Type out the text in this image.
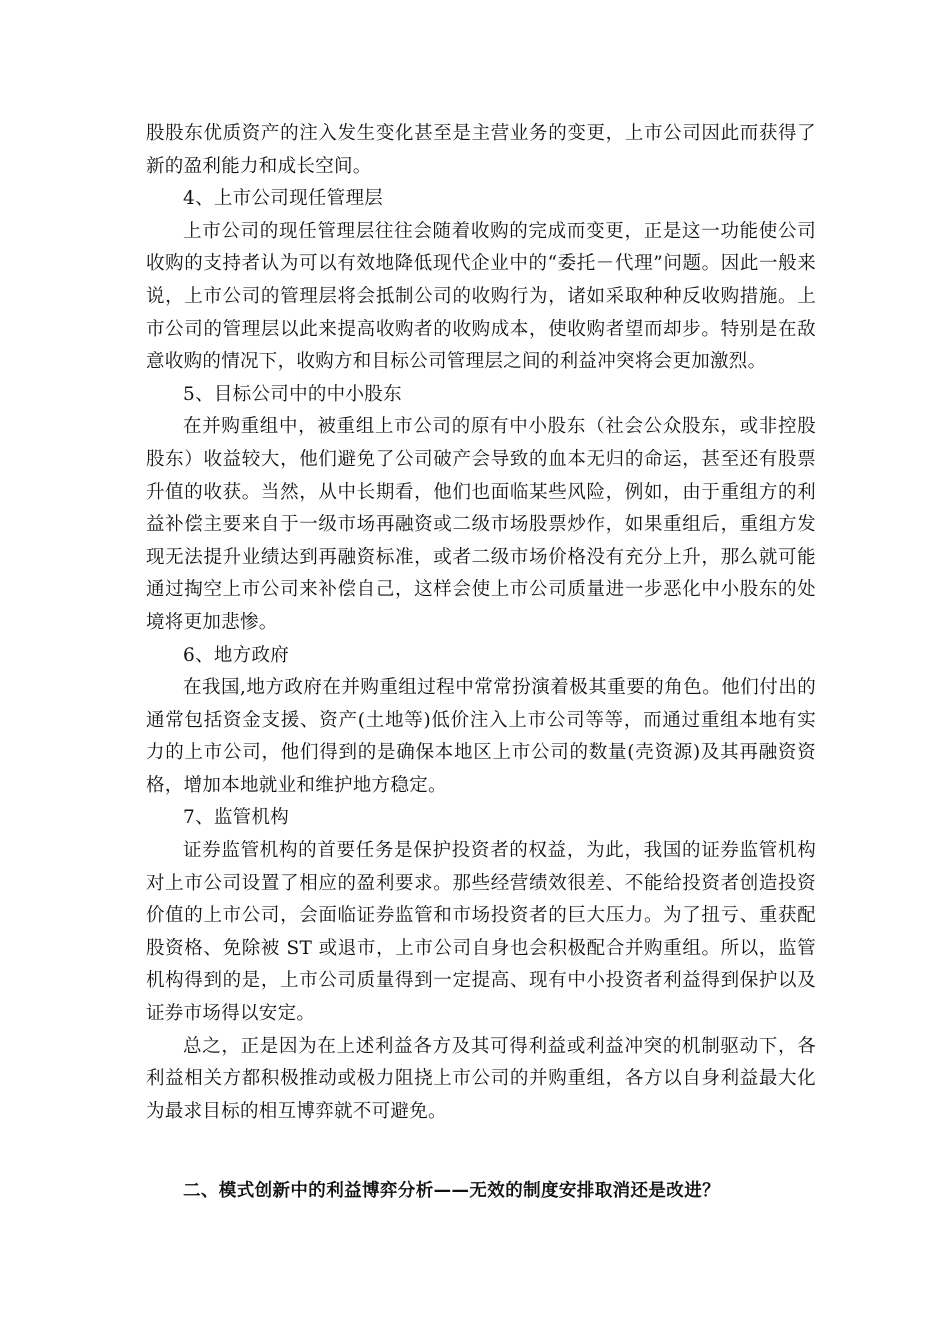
股股东优质资产的注入发生变化甚至是主营业务的变更，上市公司因此而获得了新的盈利能力和成长空间。

4、上市公司现任管理层

上市公司的现任管理层往往会随着收购的完成而变更，正是这一功能使公司收购的支持者认为可以有效地降低现代企业中的“委托－代理”问题。因此一般来说，上市公司的管理层将会抵制公司的收购行为，诸如采取种种反收购措施。上市公司的管理层以此来提高收购者的收购成本，使收购者望而却步。特别是在敌意收购的情况下，收购方和目标公司管理层之间的利益冲突将会更加激烈。

5、目标公司中的中小股东

在并购重组中，被重组上市公司的原有中小股东（社会公众股东，或非控股股东）收益较大，他们避免了公司破产会导致的血本无归的命运，甚至还有股票升值的收获。当然，从中长期看，他们也面临某些风险，例如，由于重组方的利益补偿主要来自于一级市场再融资或二级市场股票炒作，如果重组后，重组方发现无法提升业绩达到再融资标准，或者二级市场价格没有充分上升，那么就可能通过掏空上市公司来补偿自己，这样会使上市公司质量进一步恶化中小股东的处境将更加悲惨。

6、地方政府

在我国,地方政府在并购重组过程中常常扮演着极其重要的角色。他们付出的通常包括资金支援、资产(土地等)低价注入上市公司等等，而通过重组本地有实力的上市公司，他们得到的是确保本地区上市公司的数量(壳资源)及其再融资资格，增加本地就业和维护地方稳定。

7、监管机构

证券监管机构的首要任务是保护投资者的权益，为此，我国的证券监管机构对上市公司设置了相应的盈利要求。那些经营绩效很差、不能给投资者创造投资价值的上市公司，会面临证券监管和市场投资者的巨大压力。为了扭亏、重获配股资格、免除被 ST 或退市，上市公司自身也会积极配合并购重组。所以，监管机构得到的是，上市公司质量得到一定提高、现有中小投资者利益得到保护以及证券市场得以安定。

总之，正是因为在上述利益各方及其可得利益或利益冲突的机制驱动下，各利益相关方都积极推动或极力阻挠上市公司的并购重组，各方以自身利益最大化为最求目标的相互博弈就不可避免。

二、模式创新中的利益博弈分析——无效的制度安排取消还是改进？
